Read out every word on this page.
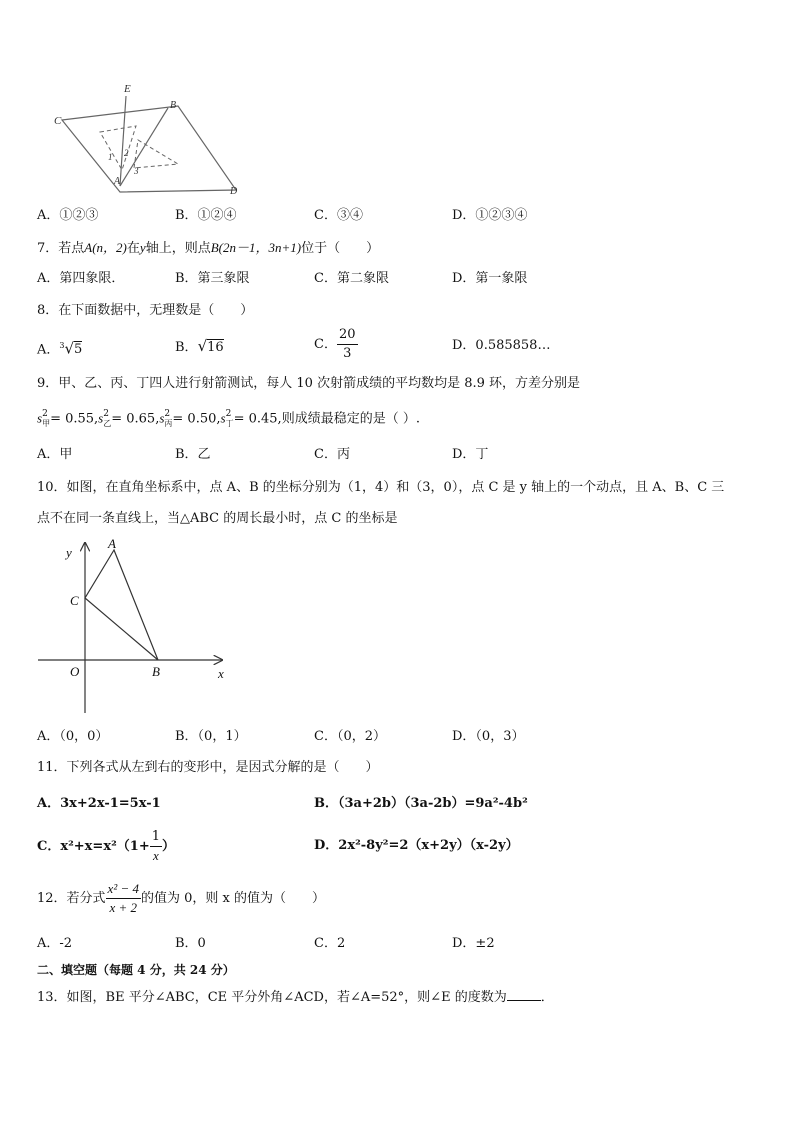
E
B
C
A
D
1 2
3
A．①②③	B．①②④	C．③④	D．①②③④
7．若点A(n，2)在y轴上，则点B(2n－1，3n+1)位于（　　）
A．第四象限．	B．第三象限	C．第二象限	D．第一象限
8．在下面数据中，无理数是（　　）
A．$^3$√5	B．√16	C． $\frac{20}{3}$	D．0.585858…
9．甲、乙、丙、丁四人进行射箭测试，每人 10 次射箭成绩的平均数均是 8.9 环，方差分别是
s 2
甲 = 0.55,s 2
乙 = 0.65,s 2
丙 = 0.50,s 2
丁 = 0.45,则成绩最稳定的是（ ）.
A．甲	B．乙	C．丙	D．丁
10．如图，在直角坐标系中，点 A、B 的坐标分别为（1，4）和（3，0），点 C 是 y 轴上的一个动点，且 A、B、C 三
点不在同一条直线上，当△ABC 的周长最小时，点 C 的坐标是
y
A
C
O	B	x
A．（0，0）	B．（0，1）	C．（0，2）	D．（0，3）
11．下列各式从左到右的变形中，是因式分解的是（　　）
A．3x+2x-1=5x-1	B．（3a+2b）（3a-2b）=9a²-4b²
C．$x^2+x=x^2(1+ \frac{1}{x}$ ）	D．2x²-8y²=2（x+2y）（x-2y）
12．若分式 $\frac{\text{x² − 4}}{x + 2}$ 的值为 0，则 x 的值为（　　）
A．-2	B．0	C．2	D．±2
二、填空题（每题 4 分，共 24 分）
13．如图，BE 平分∠ABC，CE 平分外角∠ACD，若∠A=52°，则∠E 的度数为	．
